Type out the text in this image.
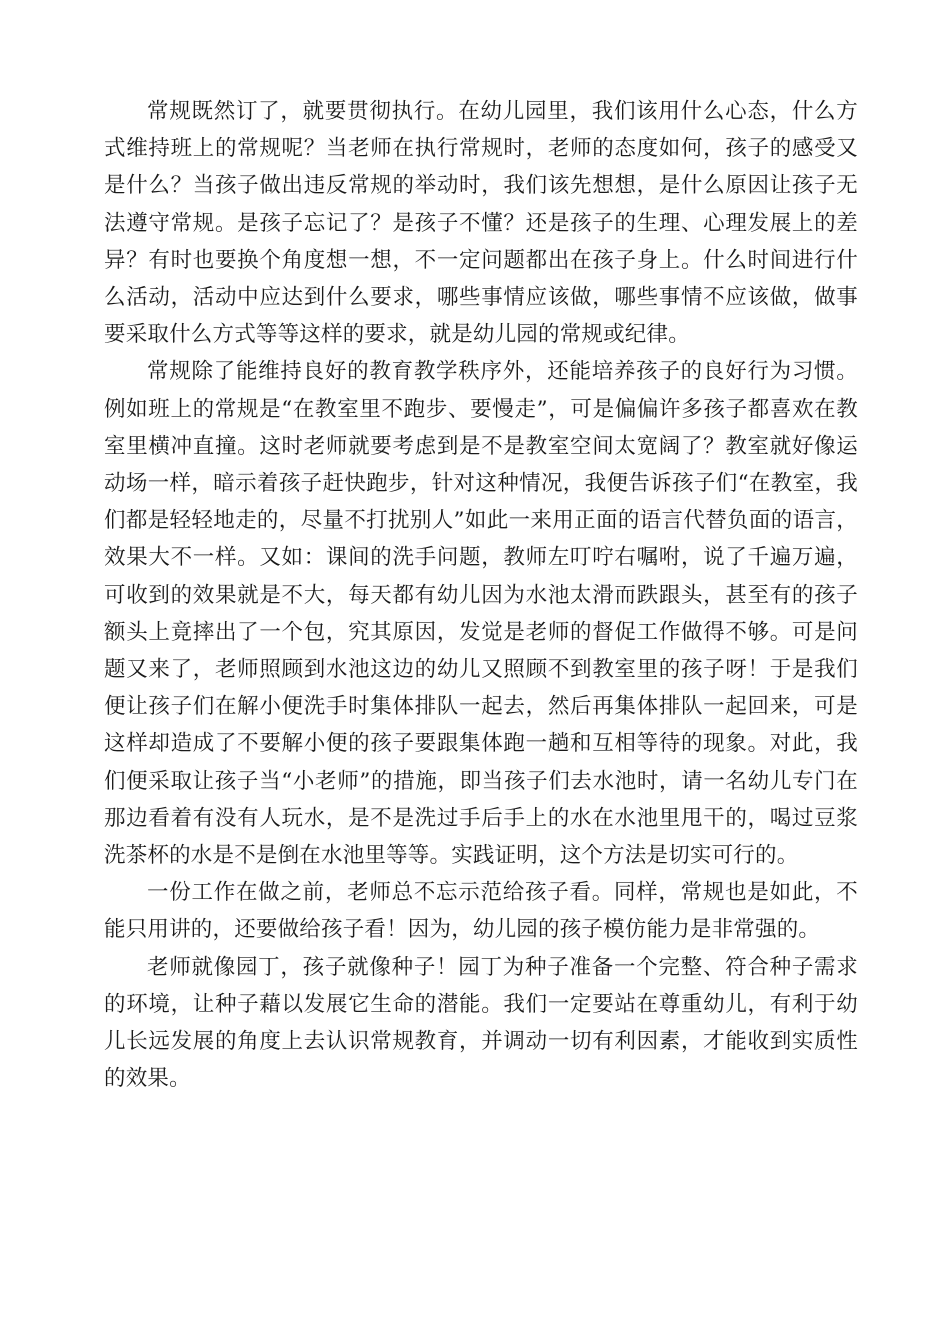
常规既然订了，就要贯彻执行。在幼儿园里，我们该用什么心态，什么方式维持班上的常规呢？当老师在执行常规时，老师的态度如何，孩子的感受又是什么？当孩子做出违反常规的举动时，我们该先想想，是什么原因让孩子无法遵守常规。是孩子忘记了？是孩子不懂？还是孩子的生理、心理发展上的差异？有时也要换个角度想一想，不一定问题都出在孩子身上。什么时间进行什么活动，活动中应达到什么要求，哪些事情应该做，哪些事情不应该做，做事要采取什么方式等等这样的要求，就是幼儿园的常规或纪律。

常规除了能维持良好的教育教学秩序外，还能培养孩子的良好行为习惯。例如班上的常规是“在教室里不跑步、要慢走”，可是偏偏许多孩子都喜欢在教室里横冲直撞。这时老师就要考虑到是不是教室空间太宽阔了？教室就好像运动场一样，暗示着孩子赶快跑步，针对这种情况，我便告诉孩子们“在教室，我们都是轻轻地走的，尽量不打扰别人”如此一来用正面的语言代替负面的语言，效果大不一样。又如：课间的洗手问题，教师左叮咛右嘱咐，说了千遍万遍，可收到的效果就是不大，每天都有幼儿因为水池太滑而跌跟头，甚至有的孩子额头上竟摔出了一个包，究其原因，发觉是老师的督促工作做得不够。可是问题又来了，老师照顾到水池这边的幼儿又照顾不到教室里的孩子呀！于是我们便让孩子们在解小便洗手时集体排队一起去，然后再集体排队一起回来，可是这样却造成了不要解小便的孩子要跟集体跑一趟和互相等待的现象。对此，我们便采取让孩子当“小老师”的措施，即当孩子们去水池时，请一名幼儿专门在那边看着有没有人玩水，是不是洗过手后手上的水在水池里甩干的，喝过豆浆洗茶杯的水是不是倒在水池里等等。实践证明，这个方法是切实可行的。

一份工作在做之前，老师总不忘示范给孩子看。同样，常规也是如此，不能只用讲的，还要做给孩子看！因为，幼儿园的孩子模仿能力是非常强的。

老师就像园丁，孩子就像种子！园丁为种子准备一个完整、符合种子需求的环境，让种子藉以发展它生命的潜能。我们一定要站在尊重幼儿，有利于幼儿长远发展的角度上去认识常规教育，并调动一切有利因素，才能收到实质性的效果。
